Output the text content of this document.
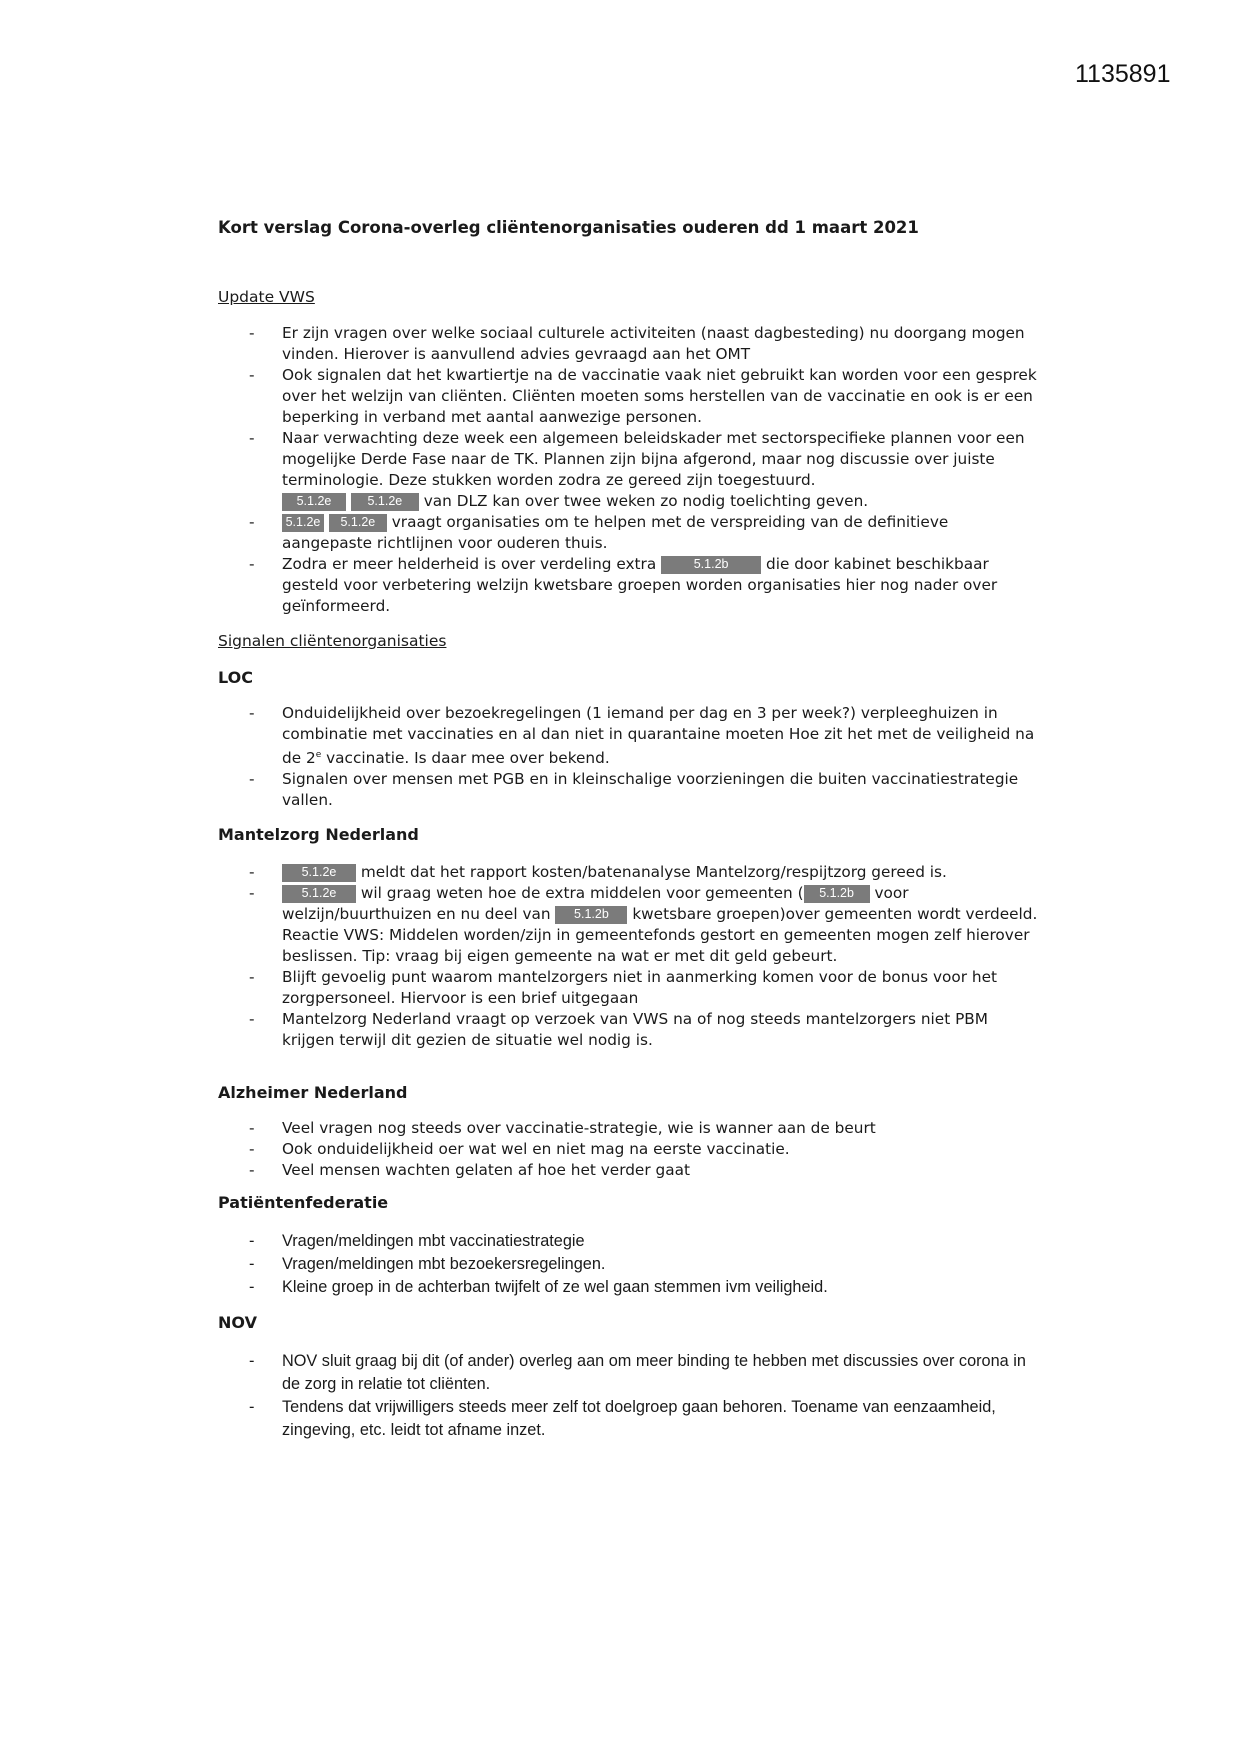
1135891
Kort verslag Corona-overleg cliëntenorganisaties ouderen dd 1 maart 2021
Update VWS
- Er zijn vragen over welke sociaal culturele activiteiten (naast dagbesteding) nu doorgang mogen vinden. Hierover is aanvullend advies gevraagd aan het OMT
- Ook signalen dat het kwartiertje na de vaccinatie vaak niet gebruikt kan worden voor een gesprek over het welzijn van cliënten. Cliënten moeten soms herstellen van de vaccinatie en ook is er een beperking in verband met aantal aanwezige personen.
- Naar verwachting deze week een algemeen beleidskader met sectorspecifieke plannen voor een mogelijke Derde Fase naar de TK. Plannen zijn bijna afgerond, maar nog discussie over juiste terminologie. Deze stukken worden zodra ze gereed zijn toegestuurd.
5.1.2e	5.1.2e van DLZ kan over twee weken zo nodig toelichting geven.
- 5.1.2e 5.1.2e vraagt organisaties om te helpen met de verspreiding van de definitieve aangepaste richtlijnen voor ouderen thuis.
- Zodra er meer helderheid is over verdeling extra	5.1.2b die door kabinet beschikbaar gesteld voor verbetering welzijn kwetsbare groepen worden organisaties hier nog nader over geïnformeerd.
Signalen cliëntenorganisaties
LOC
- Onduidelijkheid over bezoekregelingen (1 iemand per dag en 3 per week?) verpleeghuizen in combinatie met vaccinaties en al dan niet in quarantaine moeten Hoe zit het met de veiligheid na de 2e vaccinatie. Is daar mee over bekend.
- Signalen over mensen met PGB en in kleinschalige voorzieningen die buiten vaccinatiestrategie vallen.
Mantelzorg Nederland
-	5.1.2e meldt dat het rapport kosten/batenanalyse Mantelzorg/respijtzorg gereed is.
-	5.1.2e wil graag weten hoe de extra middelen voor gemeenten ( 5.1.2b voor welzijn/buurthuizen en nu deel van 5.1.2b kwetsbare groepen)over gemeenten wordt verdeeld.
Reactie VWS: Middelen worden/zijn in gemeentefonds gestort en gemeenten mogen zelf hierover beslissen. Tip: vraag bij eigen gemeente na wat er met dit geld gebeurt.
- Blijft gevoelig punt waarom mantelzorgers niet in aanmerking komen voor de bonus voor het zorgpersoneel. Hiervoor is een brief uitgegaan
- Mantelzorg Nederland vraagt op verzoek van VWS na of nog steeds mantelzorgers niet PBM krijgen terwijl dit gezien de situatie wel nodig is.
Alzheimer Nederland
- Veel vragen nog steeds over vaccinatie-strategie, wie is wanner aan de beurt
- Ook onduidelijkheid oer wat wel en niet mag na eerste vaccinatie.
- Veel mensen wachten gelaten af hoe het verder gaat
Patiëntenfederatie
- Vragen/meldingen mbt vaccinatiestrategie
- Vragen/meldingen mbt bezoekersregelingen.
- Kleine groep in de achterban twijfelt of ze wel gaan stemmen ivm veiligheid.
NOV
- NOV sluit graag bij dit (of ander) overleg aan om meer binding te hebben met discussies over corona in de zorg in relatie tot cliënten.
- Tendens dat vrijwilligers steeds meer zelf tot doelgroep gaan behoren. Toename van eenzaamheid, zingeving, etc. leidt tot afname inzet.
